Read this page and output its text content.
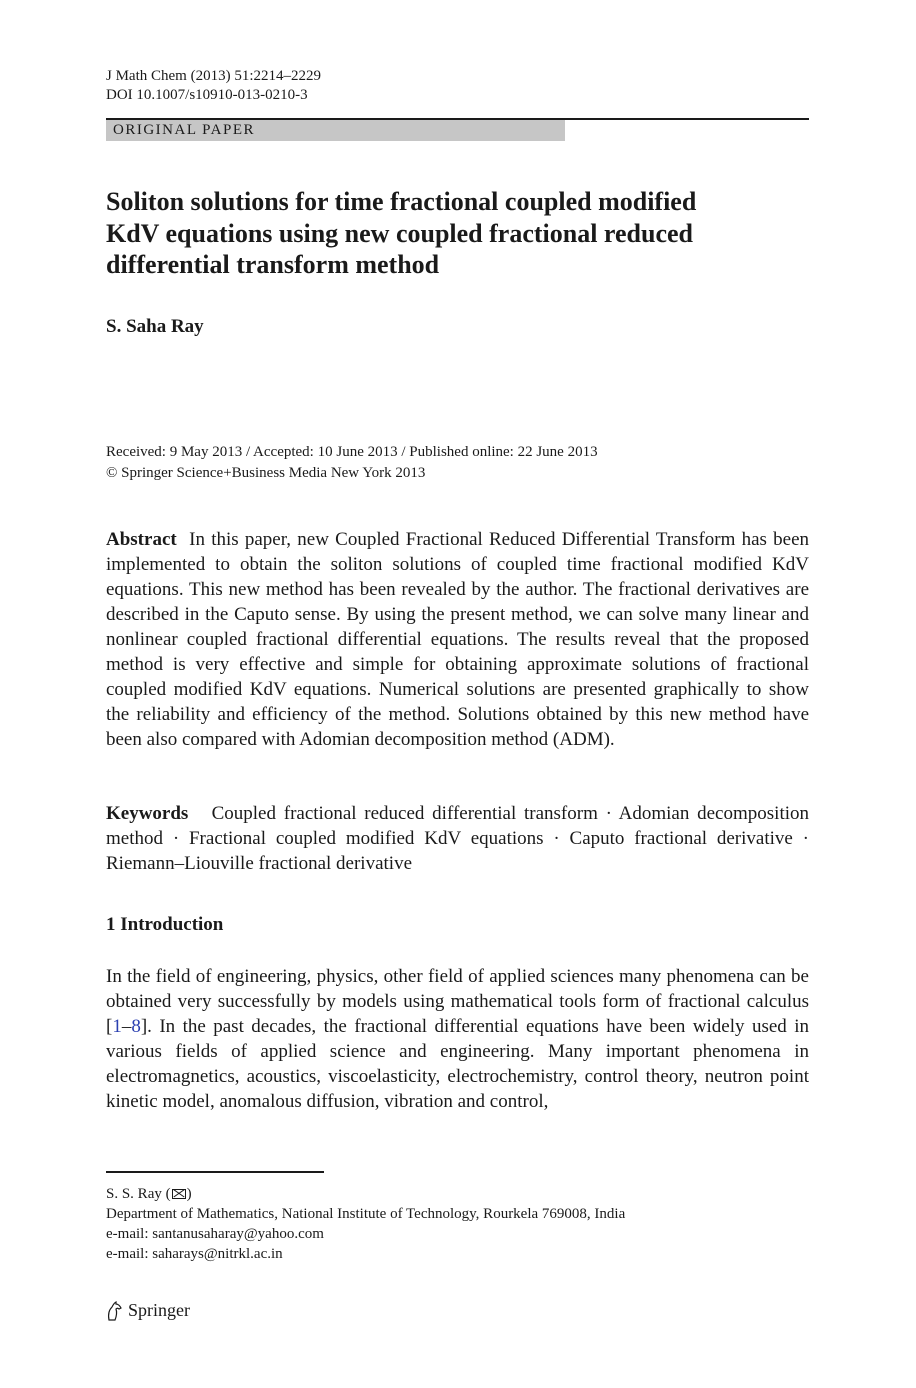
J Math Chem (2013) 51:2214–2229
DOI 10.1007/s10910-013-0210-3
ORIGINAL PAPER
Soliton solutions for time fractional coupled modified KdV equations using new coupled fractional reduced differential transform method
S. Saha Ray
Received: 9 May 2013 / Accepted: 10 June 2013 / Published online: 22 June 2013
© Springer Science+Business Media New York 2013

Abstract In this paper, new Coupled Fractional Reduced Differential Transform has been implemented to obtain the soliton solutions of coupled time fractional modified KdV equations. This new method has been revealed by the author. The fractional derivatives are described in the Caputo sense. By using the present method, we can solve many linear and nonlinear coupled fractional differential equations. The results reveal that the proposed method is very effective and simple for obtaining approximate solutions of fractional coupled modified KdV equations. Numerical solutions are presented graphically to show the reliability and efficiency of the method. Solutions obtained by this new method have been also compared with Adomian decomposition method (ADM).

Keywords Coupled fractional reduced differential transform · Adomian decomposition method · Fractional coupled modified KdV equations · Caputo fractional derivative · Riemann–Liouville fractional derivative

1 Introduction

In the field of engineering, physics, other field of applied sciences many phenomena can be obtained very successfully by models using mathematical tools form of fractional calculus [1–8]. In the past decades, the fractional differential equations have been widely used in various fields of applied science and engineering. Many important phenomena in electromagnetics, acoustics, viscoelasticity, electrochemistry, control theory, neutron point kinetic model, anomalous diffusion, vibration and control,

S. S. Ray ( )
Department of Mathematics, National Institute of Technology, Rourkela 769008, India
e-mail: santanusaharay@yahoo.com
e-mail: saharays@nitrkl.ac.in
Springer
